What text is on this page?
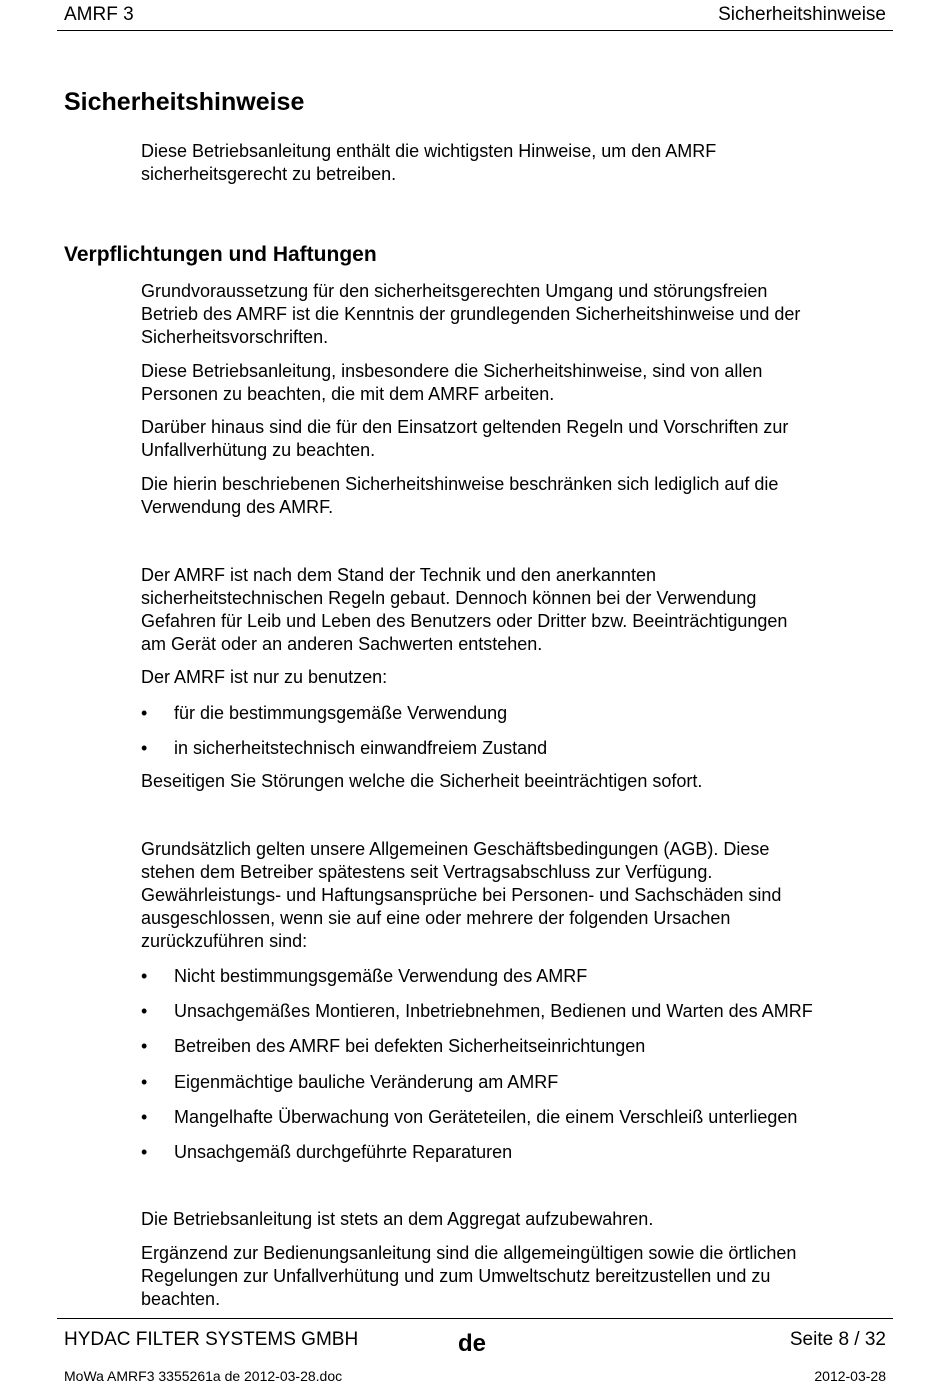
AMRF 3	Sicherheitshinweise
Sicherheitshinweise

Diese Betriebsanleitung enthält die wichtigsten Hinweise, um den AMRF
sicherheitsgerecht zu betreiben.

Verpflichtungen und Haftungen

Grundvoraussetzung für den sicherheitsgerechten Umgang und störungsfreien
Betrieb des AMRF ist die Kenntnis der grundlegenden Sicherheitshinweise und der
Sicherheitsvorschriften.

Diese Betriebsanleitung, insbesondere die Sicherheitshinweise, sind von allen
Personen zu beachten, die mit dem AMRF arbeiten.

Darüber hinaus sind die für den Einsatzort geltenden Regeln und Vorschriften zur
Unfallverhütung zu beachten.

Die hierin beschriebenen Sicherheitshinweise beschränken sich lediglich auf die
Verwendung des AMRF.

Der AMRF ist nach dem Stand der Technik und den anerkannten
sicherheitstechnischen Regeln gebaut. Dennoch können bei der Verwendung
Gefahren für Leib und Leben des Benutzers oder Dritter bzw. Beeinträchtigungen
am Gerät oder an anderen Sachwerten entstehen.

Der AMRF ist nur zu benutzen:

• für die bestimmungsgemäße Verwendung
• in sicherheitstechnisch einwandfreiem Zustand

Beseitigen Sie Störungen welche die Sicherheit beeinträchtigen sofort.

Grundsätzlich gelten unsere Allgemeinen Geschäftsbedingungen (AGB). Diese
stehen dem Betreiber spätestens seit Vertragsabschluss zur Verfügung.
Gewährleistungs- und Haftungsansprüche bei Personen- und Sachschäden sind
ausgeschlossen, wenn sie auf eine oder mehrere der folgenden Ursachen
zurückzuführen sind:

• Nicht bestimmungsgemäße Verwendung des AMRF
• Unsachgemäßes Montieren, Inbetriebnehmen, Bedienen und Warten des AMRF
• Betreiben des AMRF bei defekten Sicherheitseinrichtungen
• Eigenmächtige bauliche Veränderung am AMRF
• Mangelhafte Überwachung von Geräteteilen, die einem Verschleiß unterliegen
• Unsachgemäß durchgeführte Reparaturen

Die Betriebsanleitung ist stets an dem Aggregat aufzubewahren.

Ergänzend zur Bedienungsanleitung sind die allgemeingültigen sowie die örtlichen
Regelungen zur Unfallverhütung und zum Umweltschutz bereitzustellen und zu
beachten.

HYDAC FILTER SYSTEMS GMBH	de	Seite 8 / 32
MoWa AMRF3 3355261a de 2012-03-28.doc	2012-03-28
